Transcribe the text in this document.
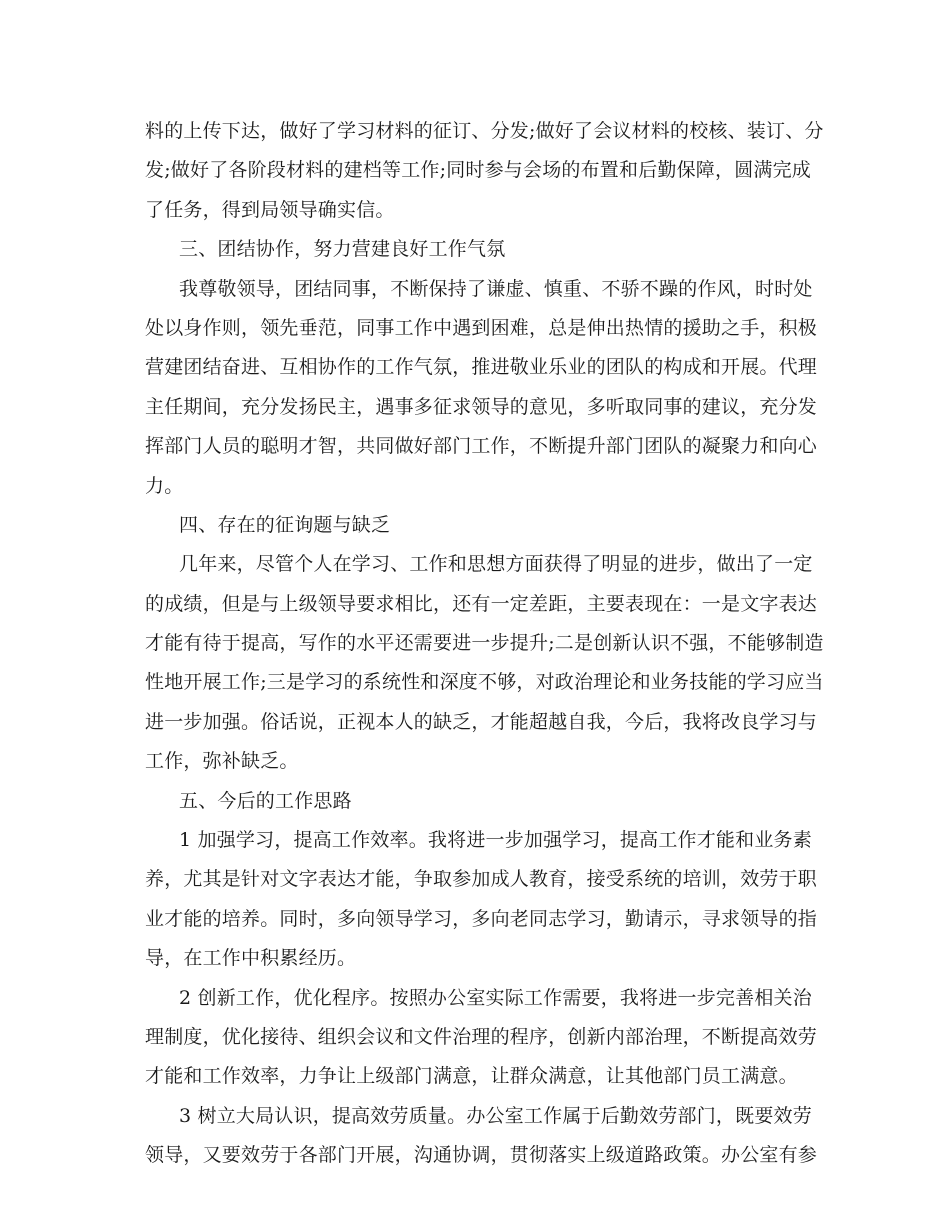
料的上传下达，做好了学习材料的征订、分发;做好了会议材料的校核、装订、分
发;做好了各阶段材料的建档等工作;同时参与会场的布置和后勤保障，圆满完成
了任务，得到局领导确实信。
三、团结协作，努力营建良好工作气氛
我尊敬领导，团结同事，不断保持了谦虚、慎重、不骄不躁的作风，时时处
处以身作则，领先垂范，同事工作中遇到困难，总是伸出热情的援助之手，积极
营建团结奋进、互相协作的工作气氛，推进敬业乐业的团队的构成和开展。代理
主任期间，充分发扬民主，遇事多征求领导的意见，多听取同事的建议，充分发
挥部门人员的聪明才智，共同做好部门工作，不断提升部门团队的凝聚力和向心
力。
四、存在的征询题与缺乏
几年来，尽管个人在学习、工作和思想方面获得了明显的进步，做出了一定
的成绩，但是与上级领导要求相比，还有一定差距，主要表现在：一是文字表达
才能有待于提高，写作的水平还需要进一步提升;二是创新认识不强，不能够制造
性地开展工作;三是学习的系统性和深度不够，对政治理论和业务技能的学习应当
进一步加强。俗话说，正视本人的缺乏，才能超越自我，今后，我将改良学习与
工作，弥补缺乏。
五、今后的工作思路
1 加强学习，提高工作效率。我将进一步加强学习，提高工作才能和业务素
养，尤其是针对文字表达才能，争取参加成人教育，接受系统的培训，效劳于职
业才能的培养。同时，多向领导学习，多向老同志学习，勤请示，寻求领导的指
导，在工作中积累经历。
2 创新工作，优化程序。按照办公室实际工作需要，我将进一步完善相关治
理制度，优化接待、组织会议和文件治理的程序，创新内部治理，不断提高效劳
才能和工作效率，力争让上级部门满意，让群众满意，让其他部门员工满意。
3 树立大局认识，提高效劳质量。办公室工作属于后勤效劳部门，既要效劳
领导，又要效劳于各部门开展，沟通协调，贯彻落实上级道路政策。办公室有参
